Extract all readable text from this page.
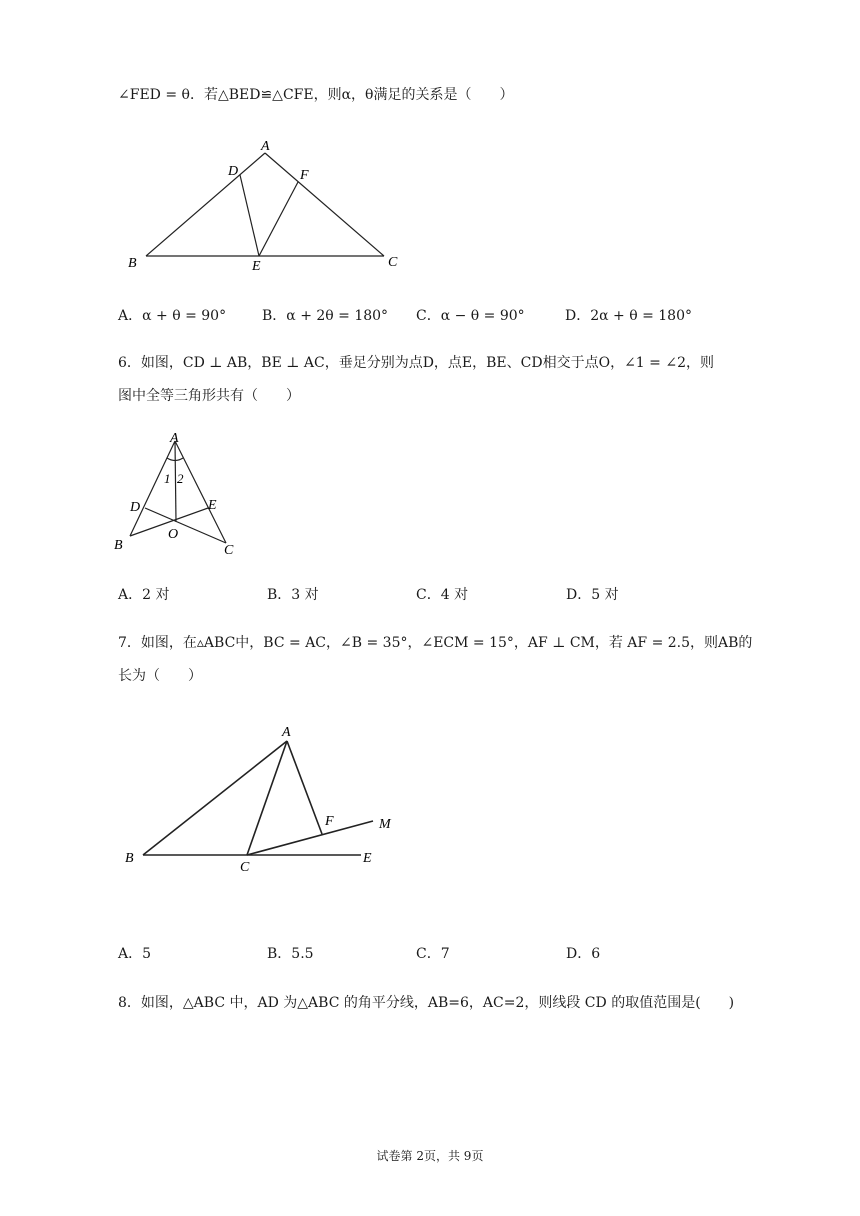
∠FED = θ．若△BED≌△CFE，则α，θ满足的关系是（　　）
A
D	F
B	E	C
A．α + θ = 90°	B．α + 2θ = 180° C．α − θ = 90°	D．2α + θ = 180°
6．如图，CD ⊥ AB，BE ⊥ AC，垂足分别为点D，点E，BE、CD相交于点O，∠1 = ∠2，则
图中全等三角形共有（　　）
A
1 2
D	E
O
B	C
A．2 对	B．3 对	C．4 对	D．5 对
7．如图，在▵ABC中，BC = AC，∠B = 35°，∠ECM = 15°，AF ⊥ CM，若 AF = 2.5，则AB的
长为（　　）
A
F	M
B
C
E
A．5	B．5.5	C．7	D．6
8．如图，△ABC 中，AD 为△ABC 的角平分线，AB=6，AC=2，则线段 CD 的取值范围是(　　)
试卷第 2页，共 9页
